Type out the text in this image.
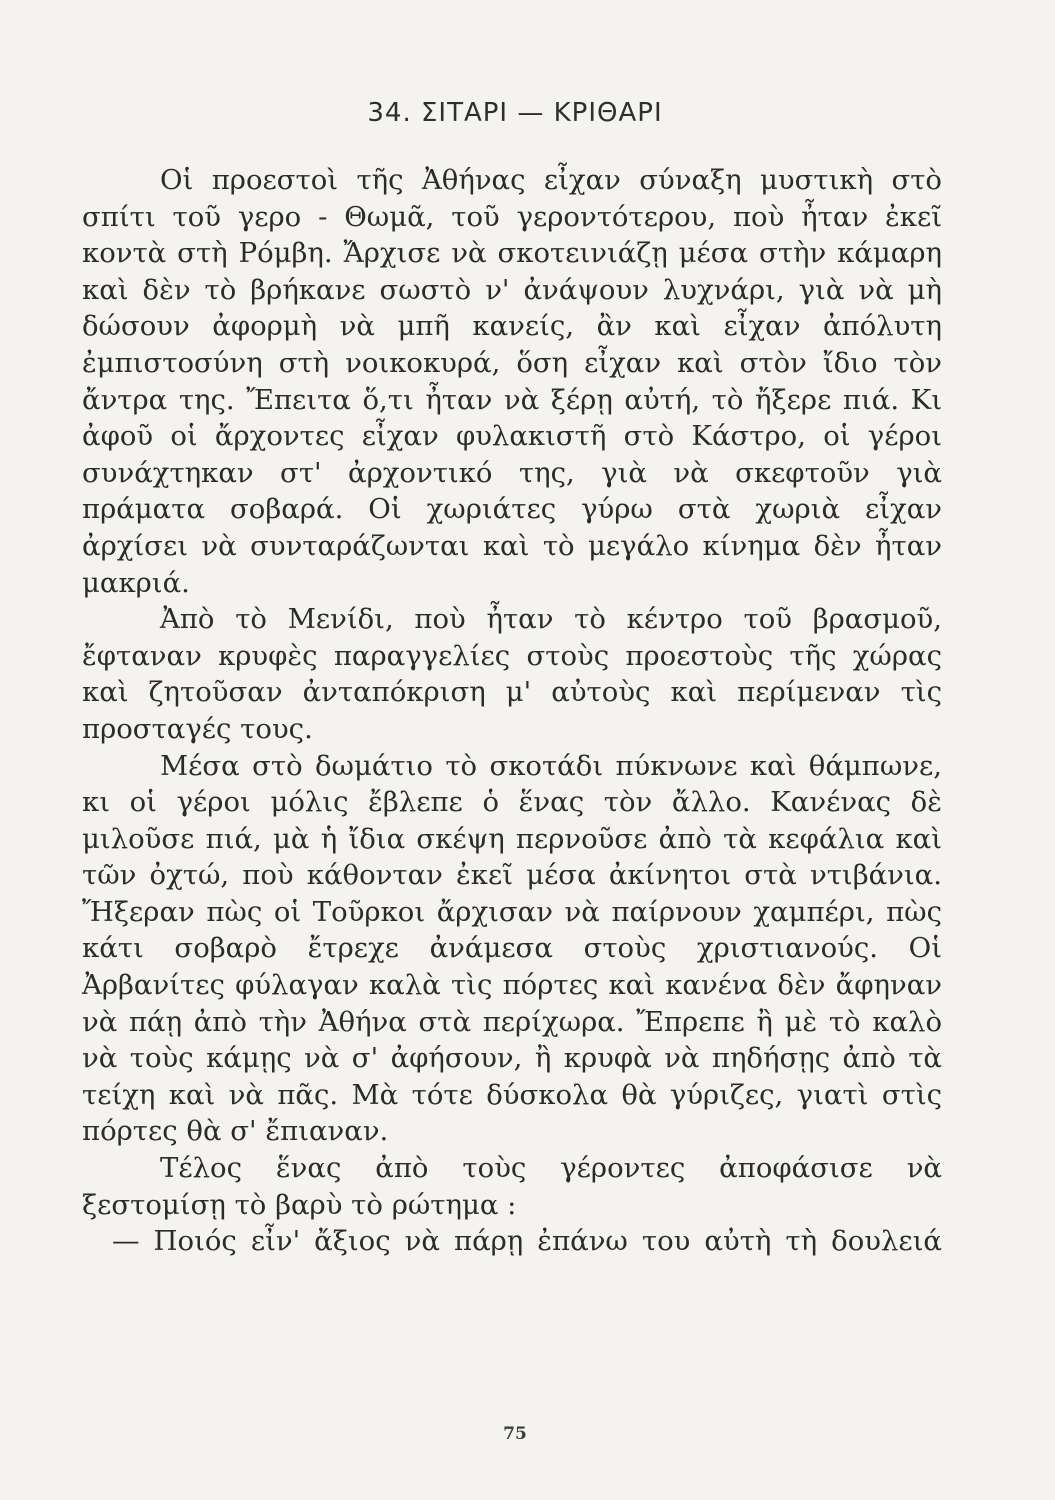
34. ΣΙΤΑΡΙ — ΚΡΙΘΑΡΙ

Οἱ προεστοὶ τῆς Ἀθήνας εἶχαν σύναξη μυστικὴ στὸ σπίτι τοῦ γερο - Θωμᾶ, τοῦ γεροντότερου, ποὺ ἦταν ἐκεῖ κοντὰ στὴ Ρόμβη. Ἄρχισε νὰ σκοτεινιάζῃ μέσα στὴν κάμαρη καὶ δὲν τὸ βρήκανε σωστὸ ν' ἀνάψουν λυχνάρι, γιὰ νὰ μὴ δώσουν ἀφορμὴ νὰ μπῆ κανείς, ἂν καὶ εἶχαν ἀπόλυτη ἐμπιστοσύνη στὴ νοικοκυρά, ὅση εἶχαν καὶ στὸν ἴδιο τὸν ἄντρα της. Ἔπειτα ὅ,τι ἦταν νὰ ξέρῃ αὐτή, τὸ ἤξερε πιά. Κι ἀφοῦ οἱ ἄρχοντες εἶχαν φυλακιστῆ στὸ Κάστρο, οἱ γέροι συνάχτηκαν στ' ἀρχοντικό της, γιὰ νὰ σκεφτοῦν γιὰ πράματα σοβαρά. Οἱ χωριάτες γύρω στὰ χωριὰ εἶχαν ἀρχίσει νὰ συνταράζωνται καὶ τὸ μεγάλο κίνημα δὲν ἦταν μακριά.

Ἀπὸ τὸ Μενίδι, ποὺ ἦταν τὸ κέντρο τοῦ βρασμοῦ, ἔφταναν κρυφὲς παραγγελίες στοὺς προεστοὺς τῆς χώρας καὶ ζητοῦσαν ἀνταπόκριση μ' αὐτοὺς καὶ περίμεναν τὶς προσταγές τους.

Μέσα στὸ δωμάτιο τὸ σκοτάδι πύκνωνε καὶ θάμπωνε, κι οἱ γέροι μόλις ἔβλεπε ὁ ἕνας τὸν ἄλλο. Κανένας δὲ μιλοῦσε πιά, μὰ ἡ ἴδια σκέψη περνοῦσε ἀπὸ τὰ κεφάλια καὶ τῶν ὀχτώ, ποὺ κάθονταν ἐκεῖ μέσα ἀκίνητοι στὰ ντιβάνια. Ἤξεραν πὼς οἱ Τοῦρκοι ἄρχισαν νὰ παίρνουν χαμπέρι, πὼς κάτι σοβαρὸ ἔτρεχε ἀνάμεσα στοὺς χριστιανούς. Οἱ Ἀρβανίτες φύλαγαν καλὰ τὶς πόρτες καὶ κανένα δὲν ἄφηναν νὰ πάῃ ἀπὸ τὴν Ἀθήνα στὰ περίχωρα. Ἔπρεπε ἢ μὲ τὸ καλὸ νὰ τοὺς κάμῃς νὰ σ' ἀφήσουν, ἢ κρυφὰ νὰ πηδήσῃς ἀπὸ τὰ τείχη καὶ νὰ πᾶς. Μὰ τότε δύσκολα θὰ γύριζες, γιατὶ στὶς πόρτες θὰ σ' ἔπιαναν.

Τέλος ἕνας ἀπὸ τοὺς γέροντες ἀποφάσισε νὰ ξεστομίσῃ τὸ βαρὺ τὸ ρώτημα :

— Ποιός εἶν' ἄξιος νὰ πάρῃ ἐπάνω του αὐτὴ τὴ δουλειά

75
